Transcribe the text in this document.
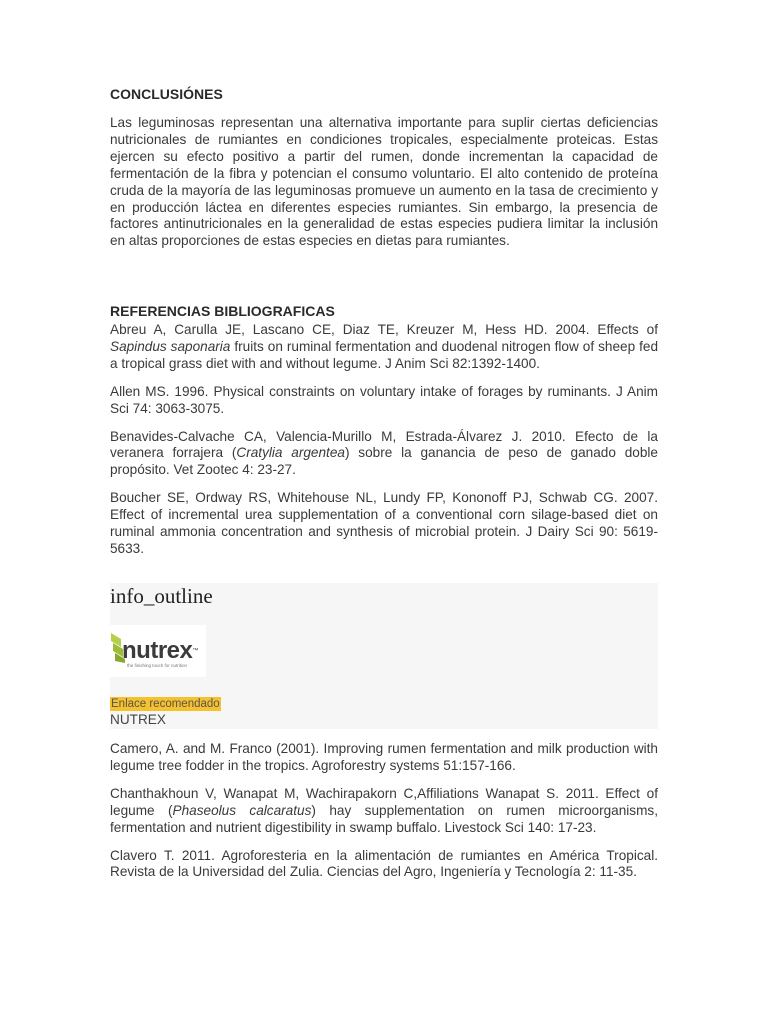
CONCLUSIÓNES

Las leguminosas representan una alternativa importante para suplir ciertas deficiencias nutricionales de rumiantes en condiciones tropicales, especialmente proteicas. Estas ejercen su efecto positivo a partir del rumen, donde incrementan la capacidad de fermentación de la fibra y potencian el consumo voluntario. El alto contenido de proteína cruda de la mayoría de las leguminosas promueve un aumento en la tasa de crecimiento y en producción láctea en diferentes especies rumiantes. Sin embargo, la presencia de factores antinutricionales en la generalidad de estas especies pudiera limitar la inclusión en altas proporciones de estas especies en dietas para rumiantes.

REFERENCIAS BIBLIOGRAFICAS

Abreu A, Carulla JE, Lascano CE, Diaz TE, Kreuzer M, Hess HD. 2004. Effects of Sapindus saponaria fruits on ruminal fermentation and duodenal nitrogen flow of sheep fed a tropical grass diet with and without legume. J Anim Sci 82:1392-1400.

Allen MS. 1996. Physical constraints on voluntary intake of forages by ruminants. J Anim Sci 74: 3063-3075.

Benavides-Calvache CA, Valencia-Murillo M, Estrada-Álvarez J. 2010. Efecto de la veranera forrajera (Cratylia argentea) sobre la ganancia de peso de ganado doble propósito. Vet Zootec 4: 23-27.

Boucher SE, Ordway RS, Whitehouse NL, Lundy FP, Kononoff PJ, Schwab CG. 2007. Effect of incremental urea supplementation of a conventional corn silage-based diet on ruminal ammonia concentration and synthesis of microbial protein. J Dairy Sci 90: 5619-5633.

info_outline
nutrex™
the finishing touch for nutrition
Enlace recomendado
NUTREX

Camero, A. and M. Franco (2001). Improving rumen fermentation and milk production with legume tree fodder in the tropics. Agroforestry systems 51:157-166.

Chanthakhoun V, Wanapat M, Wachirapakorn C,Affiliations Wanapat S. 2011. Effect of legume (Phaseolus calcaratus) hay supplementation on rumen microorganisms, fermentation and nutrient digestibility in swamp buffalo. Livestock Sci 140: 17-23.

Clavero T. 2011. Agroforesteria en la alimentación de rumiantes en América Tropical. Revista de la Universidad del Zulia. Ciencias del Agro, Ingeniería y Tecnología 2: 11-35.
